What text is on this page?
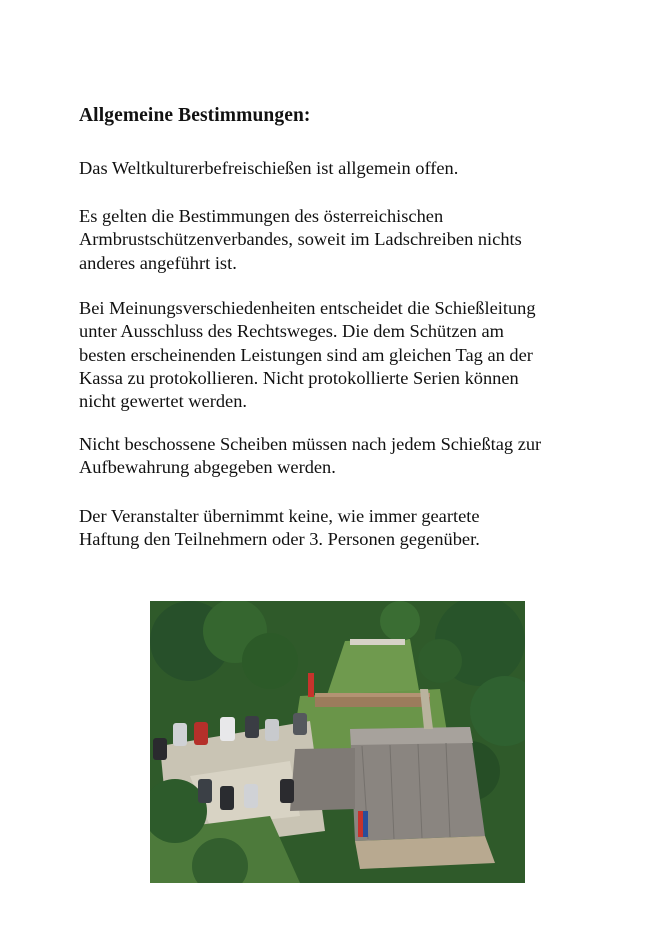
Allgemeine Bestimmungen:
Das Weltkulturerbefreischießen ist allgemein offen.
Es gelten die Bestimmungen des österreichischen
Armbrustschützenverbandes, soweit im Ladschreiben nichts
anderes angeführt ist.
Bei Meinungsverschiedenheiten entscheidet die Schießleitung
unter Ausschluss des Rechtsweges. Die dem Schützen am
besten erscheinenden Leistungen sind am gleichen Tag an der
Kassa zu protokollieren. Nicht protokollierte Serien können
nicht gewertet werden.
Nicht beschossene Scheiben müssen nach jedem Schießtag zur
Aufbewahrung abgegeben werden.
Der Veranstalter übernimmt keine, wie immer geartete
Haftung den Teilnehmern oder 3. Personen gegenüber.
